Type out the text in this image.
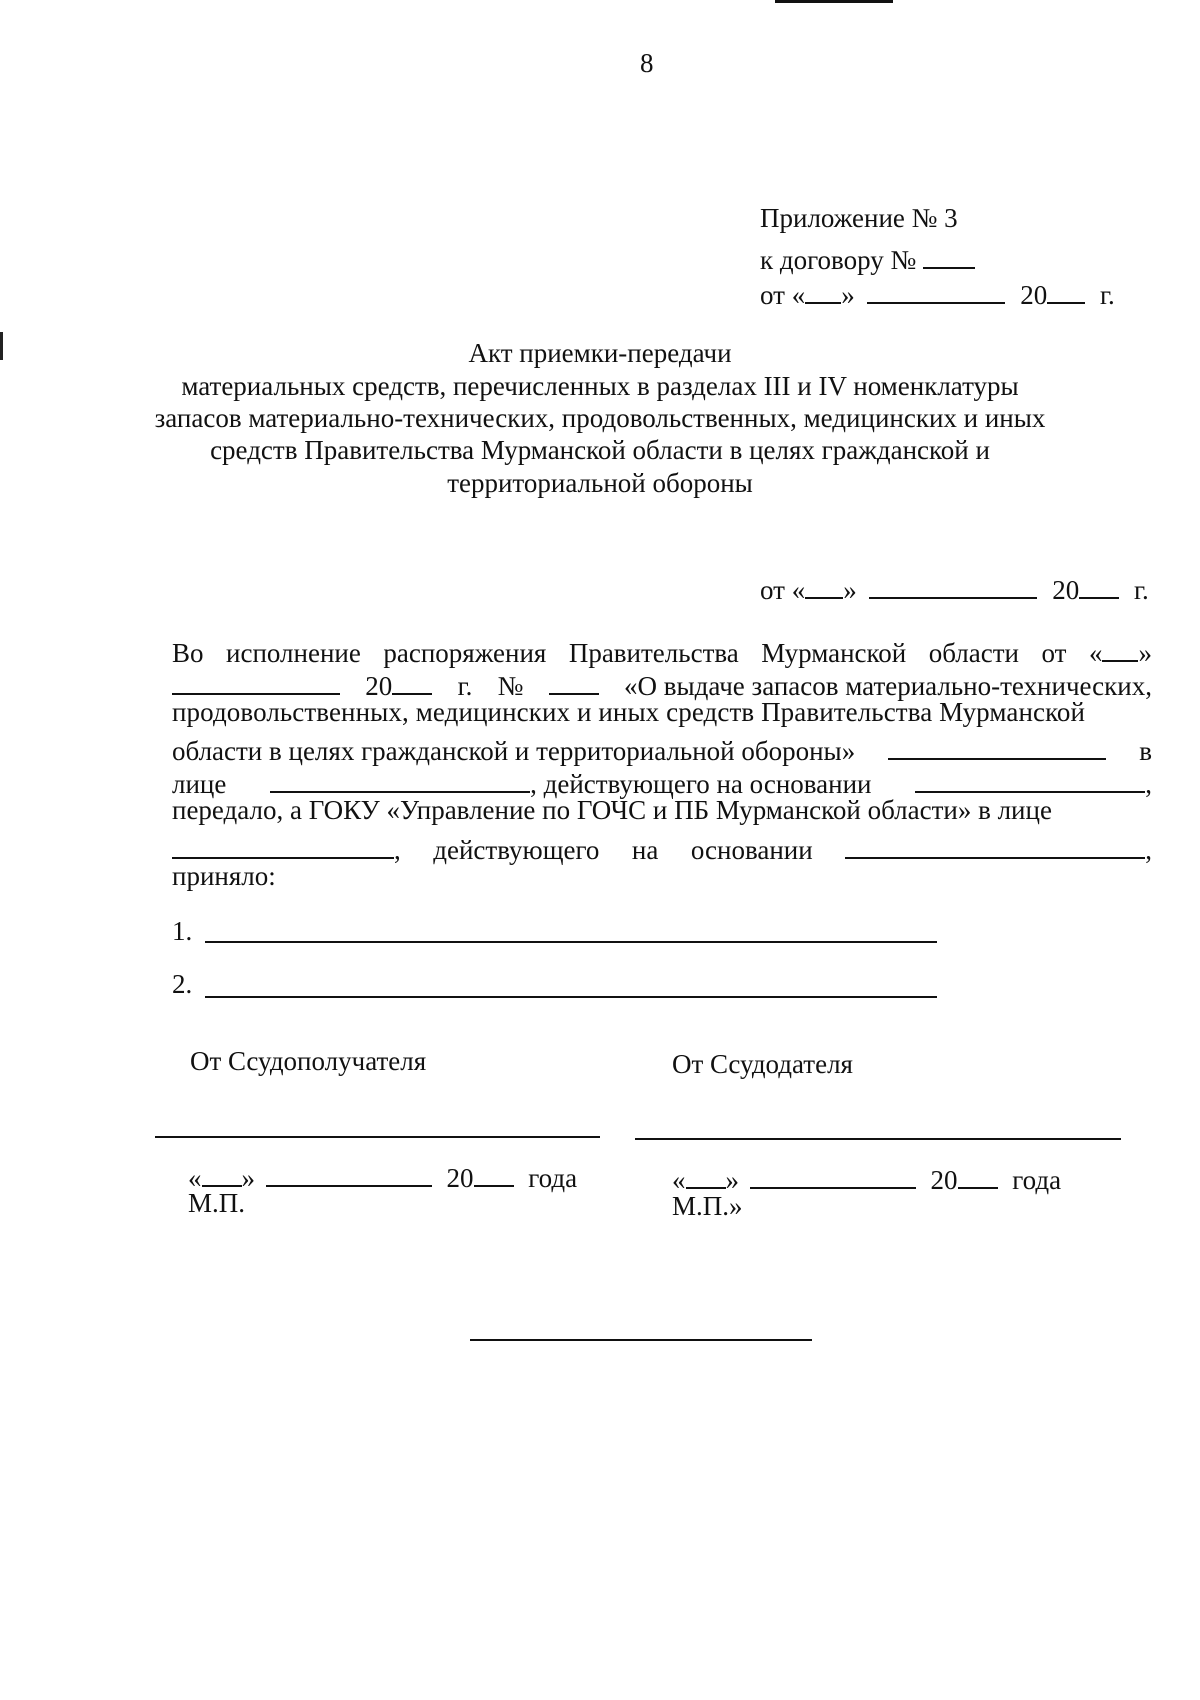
8
Приложение № 3
к договору №
от « »	20 г.
Акт приемки-передачи
материальных средств, перечисленных в разделах III и IV номенклатуры
запасов материально-технических, продовольственных, медицинских и иных
средств Правительства Мурманской области в целях гражданской и
территориальной обороны
от « »	20 г.
Во исполнение распоряжения Правительства Мурманской области от « »
20	г. №	«О выдаче запасов материально-технических,
продовольственных, медицинских и иных средств Правительства Мурманской
области в целях гражданской и территориальной обороны»	в
лице	, действующего на основании	,
передало, а ГОКУ «Управление по ГОЧС и ПБ Мурманской области» в лице
, действующего на основании	,
приняло:
1.
2.
От Ссудополучателя	От Ссудодателя
« »	20 года
М.П.
« »	20 года
М.П.»
